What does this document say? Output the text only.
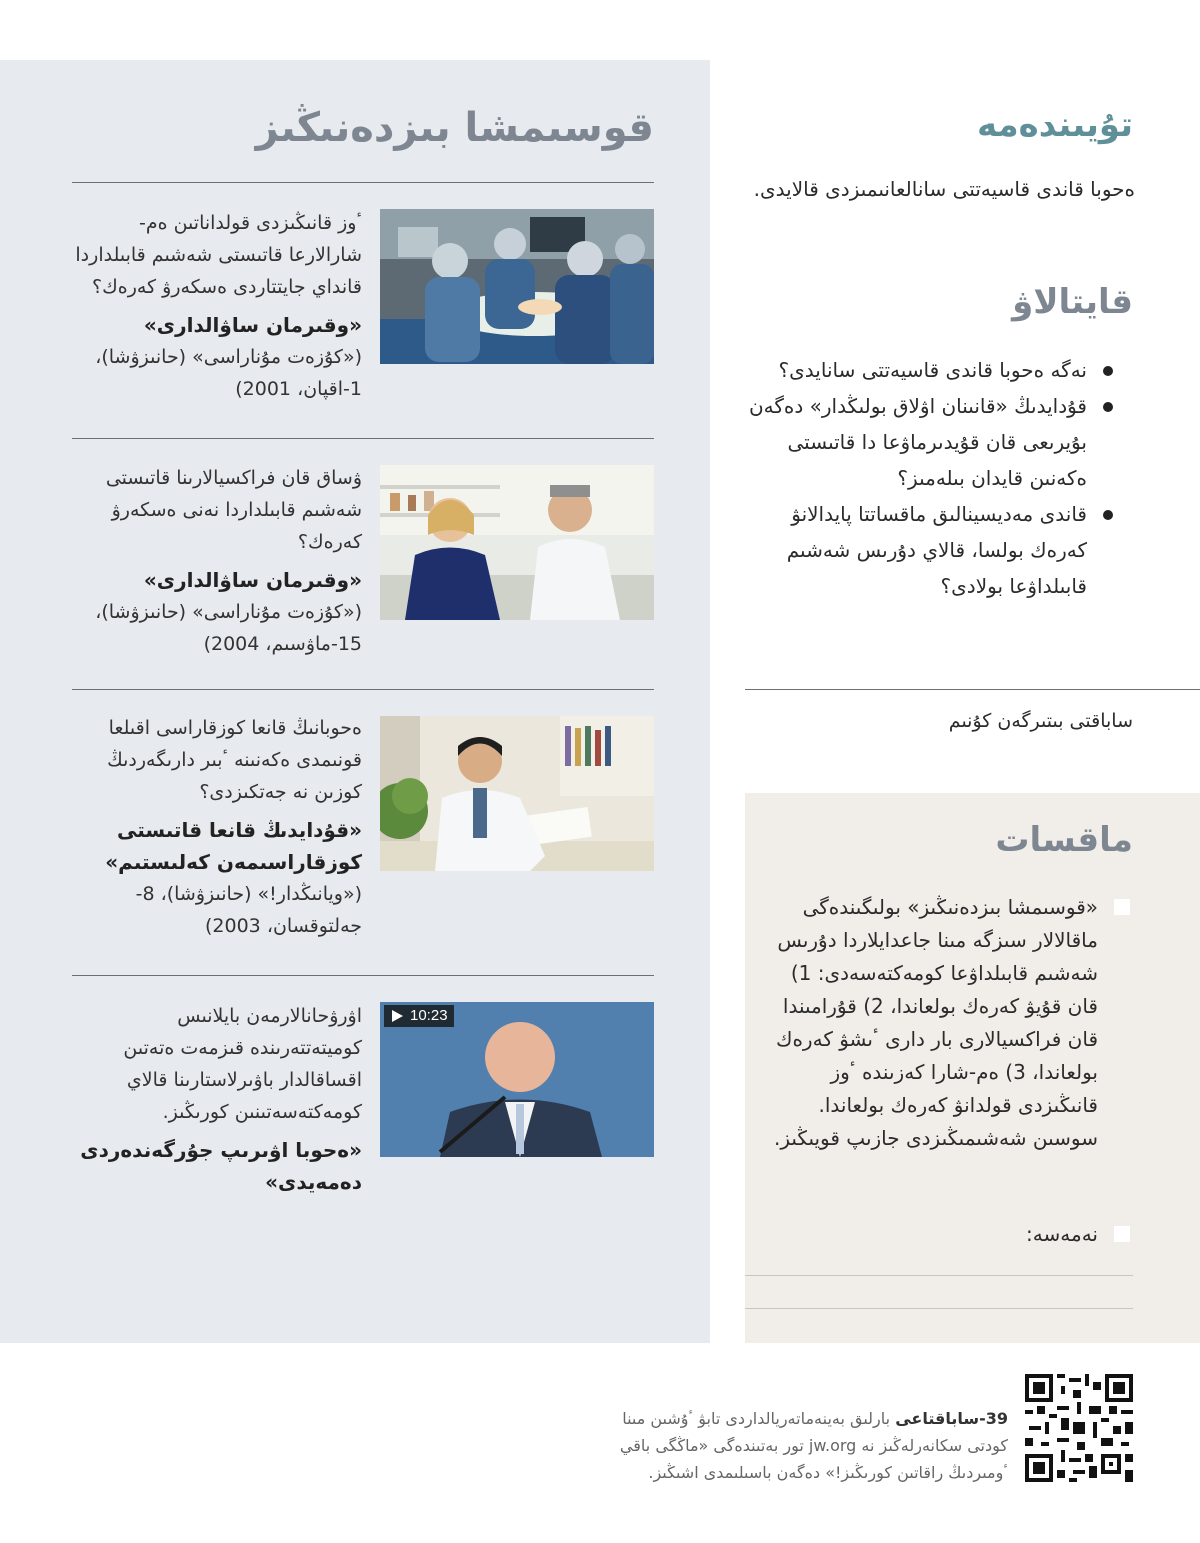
قوسىمشا بىزدەنىڭىز
ٴوز قانىڭىزدى قولداناتىن ەم-شارالارعا قاتىستى شەشىم قابىلداردا قانداي جايتتاردى ەسكەرۋ كەرەك؟
«وقىرمان ساۋالدارى»
(«كۇزەت مۇناراسى» (حانىزۋشا)، 1-اقپان، 2001)
ۋساق قان فراكسيالارىنا قاتىستى شەشىم قابىلداردا نەنى ەسكەرۋ كەرەك؟
«وقىرمان ساۋالدارى»
(«كۇزەت مۇناراسى» (حانىزۋشا)، 15-ماۋسىم، 2004)
ەحوبانىڭ قانعا كوزقاراسى اقىلعا قونىمدى ەكەنىنە ٴبىر دارىگەردىڭ كوزىن نە جەتكىزدى؟
«قۇدايدىڭ قانعا قاتىستى كوزقاراسىمەن كەلىستىم»
(«ويانىڭدار!» (حانىزۋشا)، 8-جەلتوقسان، 2003)
10:23
اۋرۋحانالارمەن بايلانىس كوميتەتتەرىندە قىزمەت ەتەتىن اقساقالدار باۋىرلاستارىنا قالاي كومەكتەسەتىنىن كورىڭىز.
«ەحوبا اۋىرىپ جۇرگەندەردى دەمەيدى»
تۇيىندەمە
ەحوبا قاندى قاسيەتتى سانالعانىمىزدى قالايدى.
قايتالاۋ
نەگە ەحوبا قاندى قاسيەتتى سانايدى؟
قۇدايدىڭ «قانىنان اۋلاق بولىڭدار» دەگەن بۇيرىعى قان قۇيدىرماۋعا دا قاتىستى ەكەنىن قايدان بىلەمىز؟
قاندى مەديسينالىق ماقساتتا پايدالانۋ كەرەك بولسا، قالاي دۇرىس شەشىم قابىلداۋعا بولادى؟
ساباقتى بىتىرگەن كۇنىم
ماقسات
«قوسىمشا بىزدەنىڭىز» بولىگىندەگى ماقالالار سىزگە مىنا جاعدايلاردا دۇرىس شەشىم قابىلداۋعا كومەكتەسەدى: 1) قان قۇيۋ كەرەك بولعاندا، 2) قۇرامىندا قان فراكسيالارى بار دارى ٴىشۋ كەرەك بولعاندا، 3) ەم-شارا كەزىندە ٴوز قانىڭىزدى قولدانۋ كەرەك بولعاندا. سوسىن شەشىمىڭىزدى جازىپ قويىڭىز.
نەمەسە:
39-ساباقتاعى بارلىق بەينەماتەريالداردى تابۋ ٴۇشىن مىنا كودتى سكانەرلەڭىز نە jw.org تور بەتىندەگى «ماڭگى باقي ٴومىردىڭ راقاتىن كورىڭىز!» دەگەن باسىلىمدى اشىڭىز.
